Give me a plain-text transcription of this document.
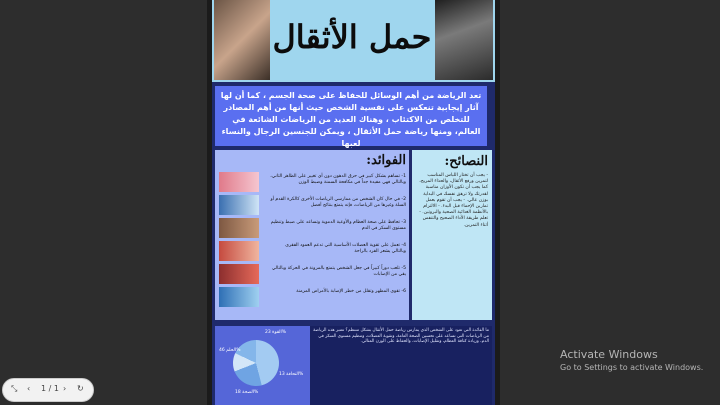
حمل الأثقال
تعد الرياضة من أهم الوسائل للحفاظ على صحة الجسم ، كما أن لها آثار إيجابية تنعكس على نفسية الشخص حيث أنها من أهم المصادر للتخلص من الاكتئاب ، وهناك العديد من الرياضات الشائعة في العالم، ومنها رياضة حمل الأثقال ، ويمكن للجنسين الرجال والنساء لعبها
الفوائد:
1- تساهم بشكل كبير في حرق الدهون دون أي تغيير على الظاهر الثاني، وبالتالي فهي مفيدة جداً في مكافحة السمنة وضبط الوزن
2- في حال كان الشخص من ممارسي الرياضات الأخرى كالكرة القدم أو السلة وغيرها من الرياضات، فإنه يتمتع بنتائج أفضل
3- تحافظ على صحة العظام والأوعية الدموية وتساعد على ضبط وتنظيم مستوى السكر في الدم
4- تعمل على تقوية العضلات الأساسية التي تدعم العمود الفقري وبالتالي يشعر الفرد بالراحة
5- تلعب دوراً كبيراً في جعل الشخص يتمتع بالمرونة في الحركة وبالتالي يقي من الإصابات
6- تقوي المظهر وتقلل من خطر الإصابة بالأمراض المزمنة
النصائح:

- يجب أن تختار اللباس المناسب لتمرين ورفع الأثقال، والحذاء المريح، كما يجب أن تكون الأوزان مناسبة لقدرتك ولا ترهق نفسك في البداية بوزن عالي. - يجب أن تقوم بعمل تمارين الإحماء قبل البدء. - الالتزام بالأنظمة الغذائية الصحية والبروتين. - تعلم طريقة الأداء الصحيح والتنفس أثناء التمرين.

الحلم 46%
القوة 23%
النحافة 13%
الصحة 18%
ما الفائدة التي تعود على الشخص الذي يمارس رياضة حمل الأثقال بشكل منتظم؟ تعتبر هذه الرياضة من الرياضات التي تساعد على تحسين الصحة العامة، وتقوية العضلات، وتنظيم مستوى السكر في الدم، وزيادة كثافة العظام، وتقليل الإصابات، والحفاظ على الوزن المثالي.
Activate Windows
Go to Settings to activate Windows.
⤡ ‹ 1 / 1 › ↻
